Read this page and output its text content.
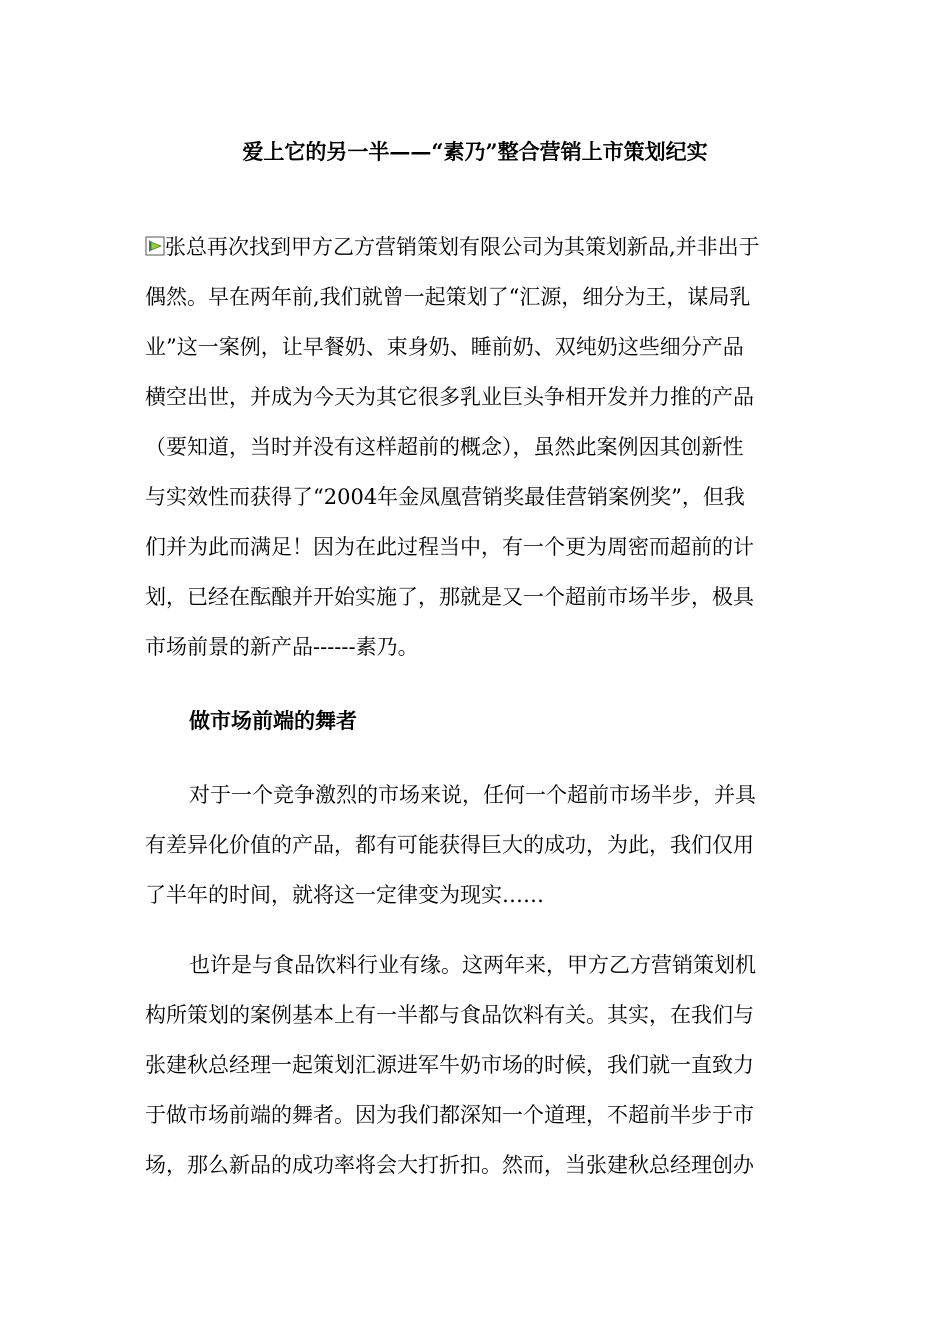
爱上它的另一半——“素乃”整合营销上市策划纪实
张总再次找到甲方乙方营销策划有限公司为其策划新品,并非出于
偶然。早在两年前,我们就曾一起策划了“汇源，细分为王，谋局乳
业”这一案例，让早餐奶、束身奶、睡前奶、双纯奶这些细分产品
横空出世，并成为今天为其它很多乳业巨头争相开发并力推的产品
（要知道，当时并没有这样超前的概念），虽然此案例因其创新性
与实效性而获得了“2004年金凤凰营销奖最佳营销案例奖”，但我
们并为此而满足！因为在此过程当中，有一个更为周密而超前的计
划，已经在酝酿并开始实施了，那就是又一个超前市场半步，极具
市场前景的新产品------素乃。
做市场前端的舞者
对于一个竞争激烈的市场来说，任何一个超前市场半步，并具
有差异化价值的产品，都有可能获得巨大的成功，为此，我们仅用
了半年的时间，就将这一定律变为现实……
也许是与食品饮料行业有缘。这两年来，甲方乙方营销策划机
构所策划的案例基本上有一半都与食品饮料有关。其实，在我们与
张建秋总经理一起策划汇源进军牛奶市场的时候，我们就一直致力
于做市场前端的舞者。因为我们都深知一个道理，不超前半步于市
场，那么新品的成功率将会大打折扣。然而，当张建秋总经理创办
